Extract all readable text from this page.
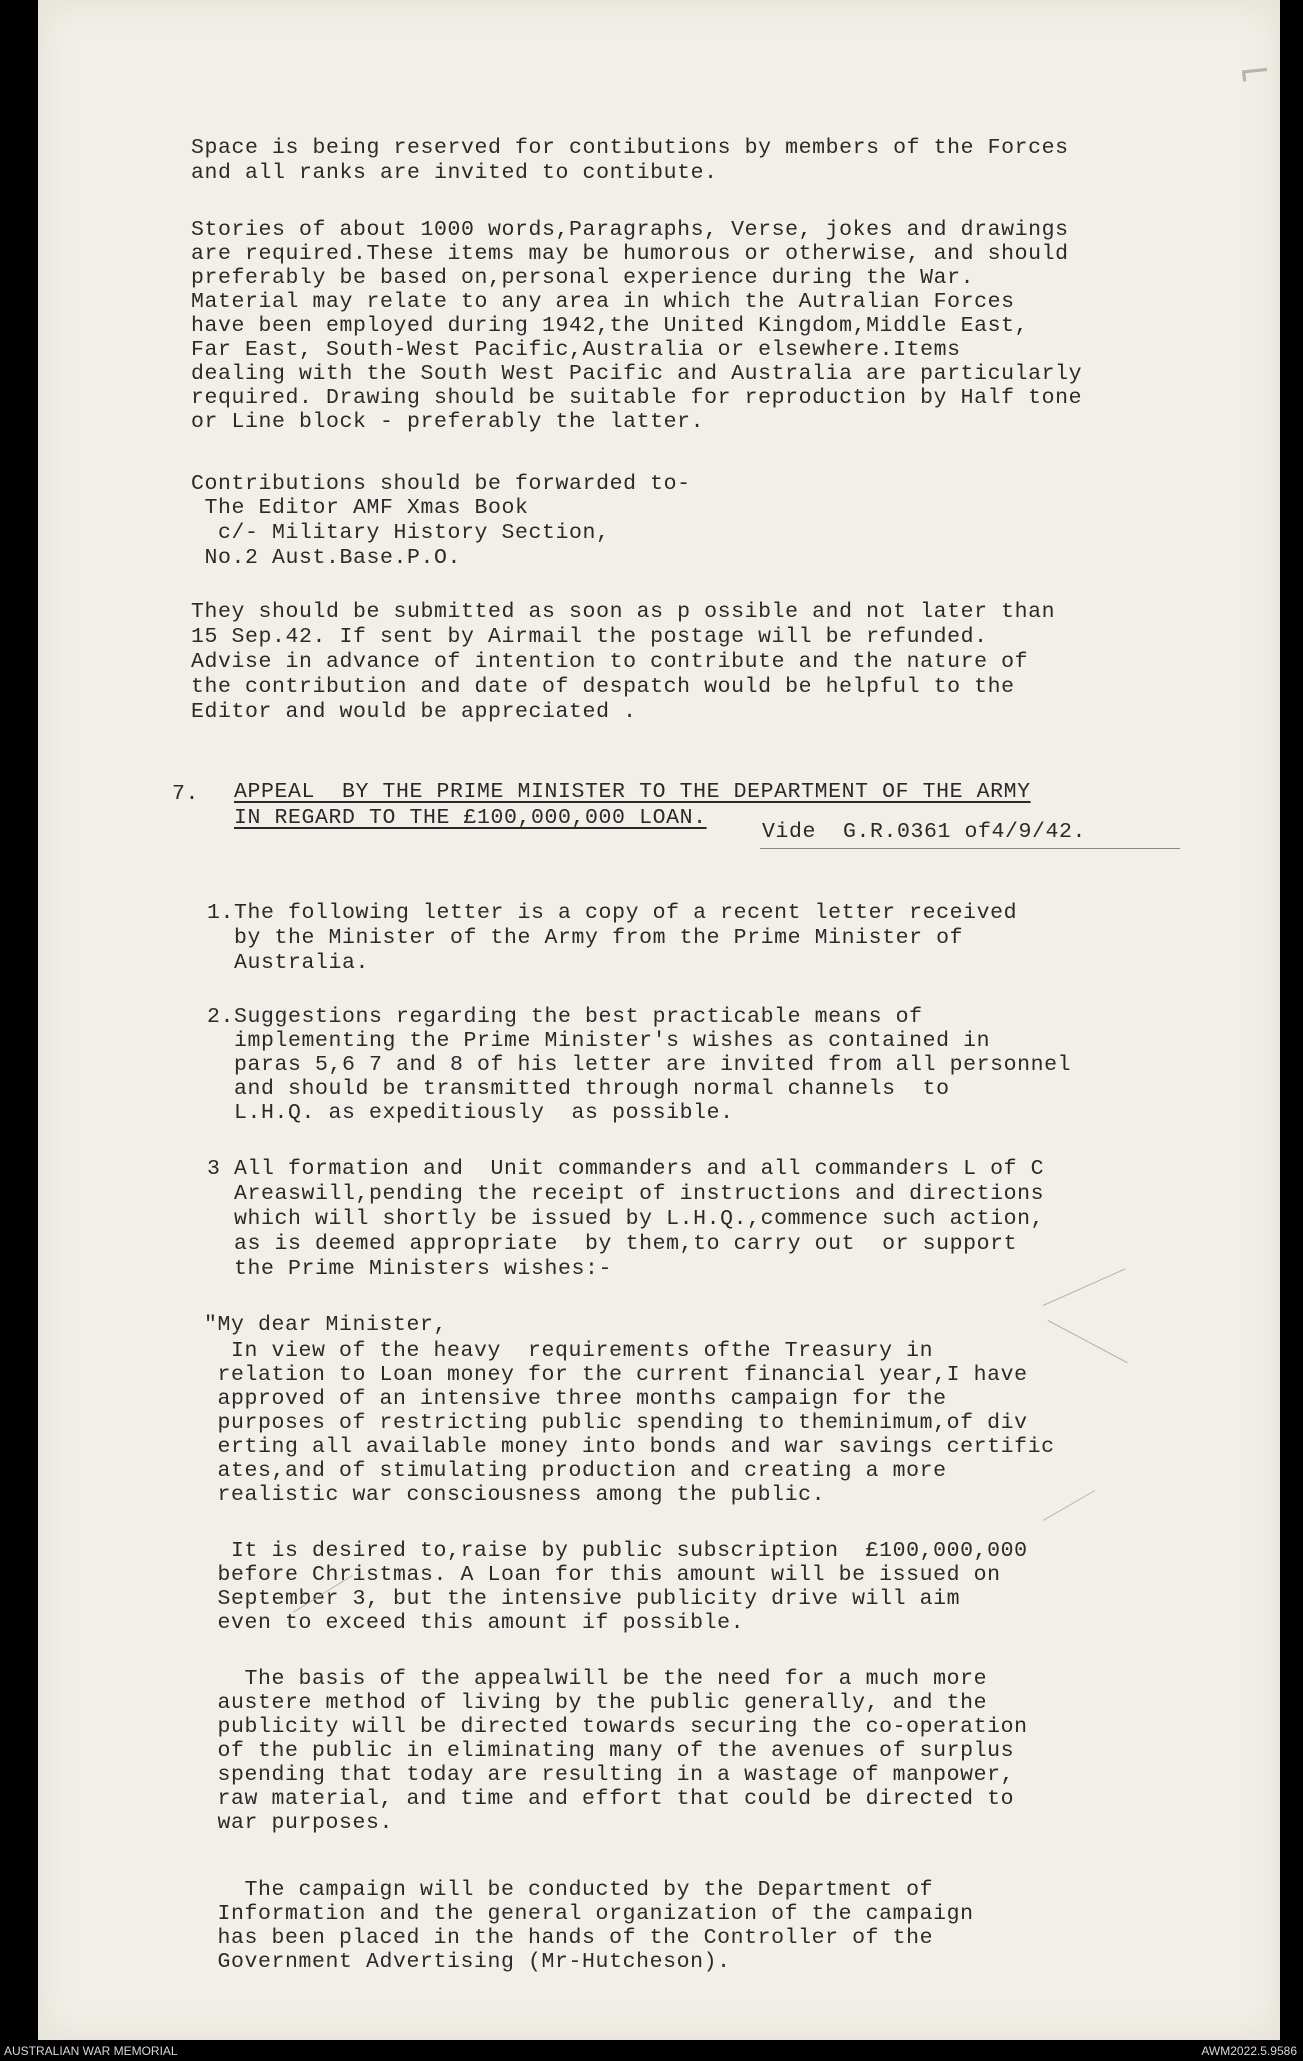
⌐
Space is being reserved for contibutions by members of the Forces
and all ranks are invited to contibute.
Stories of about 1000 words,Paragraphs, Verse, jokes and drawings
are required.These items may be humorous or otherwise, and should
preferably be based on,personal experience during the War.
Material may relate to any area in which the Autralian Forces
have been employed during 1942,the United Kingdom,Middle East,
Far East, South-West Pacific,Australia or elsewhere.Items
dealing with the South West Pacific and Australia are particularly
required. Drawing should be suitable for reproduction by Half tone
or Line block - preferably the latter.
Contributions should be forwarded to-
The Editor AMF Xmas Book
c/- Military History Section,
No.2 Aust.Base.P.O.
They should be submitted as soon as p ossible and not later than
15 Sep.42. If sent by Airmail the postage will be refunded.
Advise in advance of intention to contribute and the nature of
the contribution and date of despatch would be helpful to the
Editor and would be appreciated .
7. APPEAL  BY THE PRIME MINISTER TO THE DEPARTMENT OF THE ARMY
IN REGARD TO THE £100,000,000 LOAN.
Vide  G.R.0361 of4/9/42.
1.The following letter is a copy of a recent letter received
by the Minister of the Army from the Prime Minister of
Australia.
2.Suggestions regarding the best practicable means of
implementing the Prime Minister's wishes as contained in
paras 5,6 7 and 8 of his letter are invited from all personnel
and should be transmitted through normal channels  to
L.H.Q. as expeditiously  as possible.
3 All formation and  Unit commanders and all commanders L of C
Areaswill,pending the receipt of instructions and directions
which will shortly be issued by L.H.Q.,commence such action,
as is deemed appropriate  by them,to carry out  or support
the Prime Ministers wishes:-
"My dear Minister,
In view of the heavy  requirements ofthe Treasury in
relation to Loan money for the current financial year,I have
approved of an intensive three months campaign for the
purposes of restricting public spending to theminimum,of div
erting all available money into bonds and war savings certific
ates,and of stimulating production and creating a more
realistic war consciousness among the public.
It is desired to,raise by public subscription  £100,000,000
before Christmas. A Loan for this amount will be issued on
September 3, but the intensive publicity drive will aim
even to exceed this amount if possible.
The basis of the appealwill be the need for a much more
austere method of living by the public generally, and the
publicity will be directed towards securing the co-operation
of the public in eliminating many of the avenues of surplus
spending that today are resulting in a wastage of manpower,
raw material, and time and effort that could be directed to
war purposes.
The campaign will be conducted by the Department of
Information and the general organization of the campaign
has been placed in the hands of the Controller of the
Government Advertising (Mr-Hutcheson).
AUSTRALIAN WAR MEMORIAL	AWM2022.5.9586
